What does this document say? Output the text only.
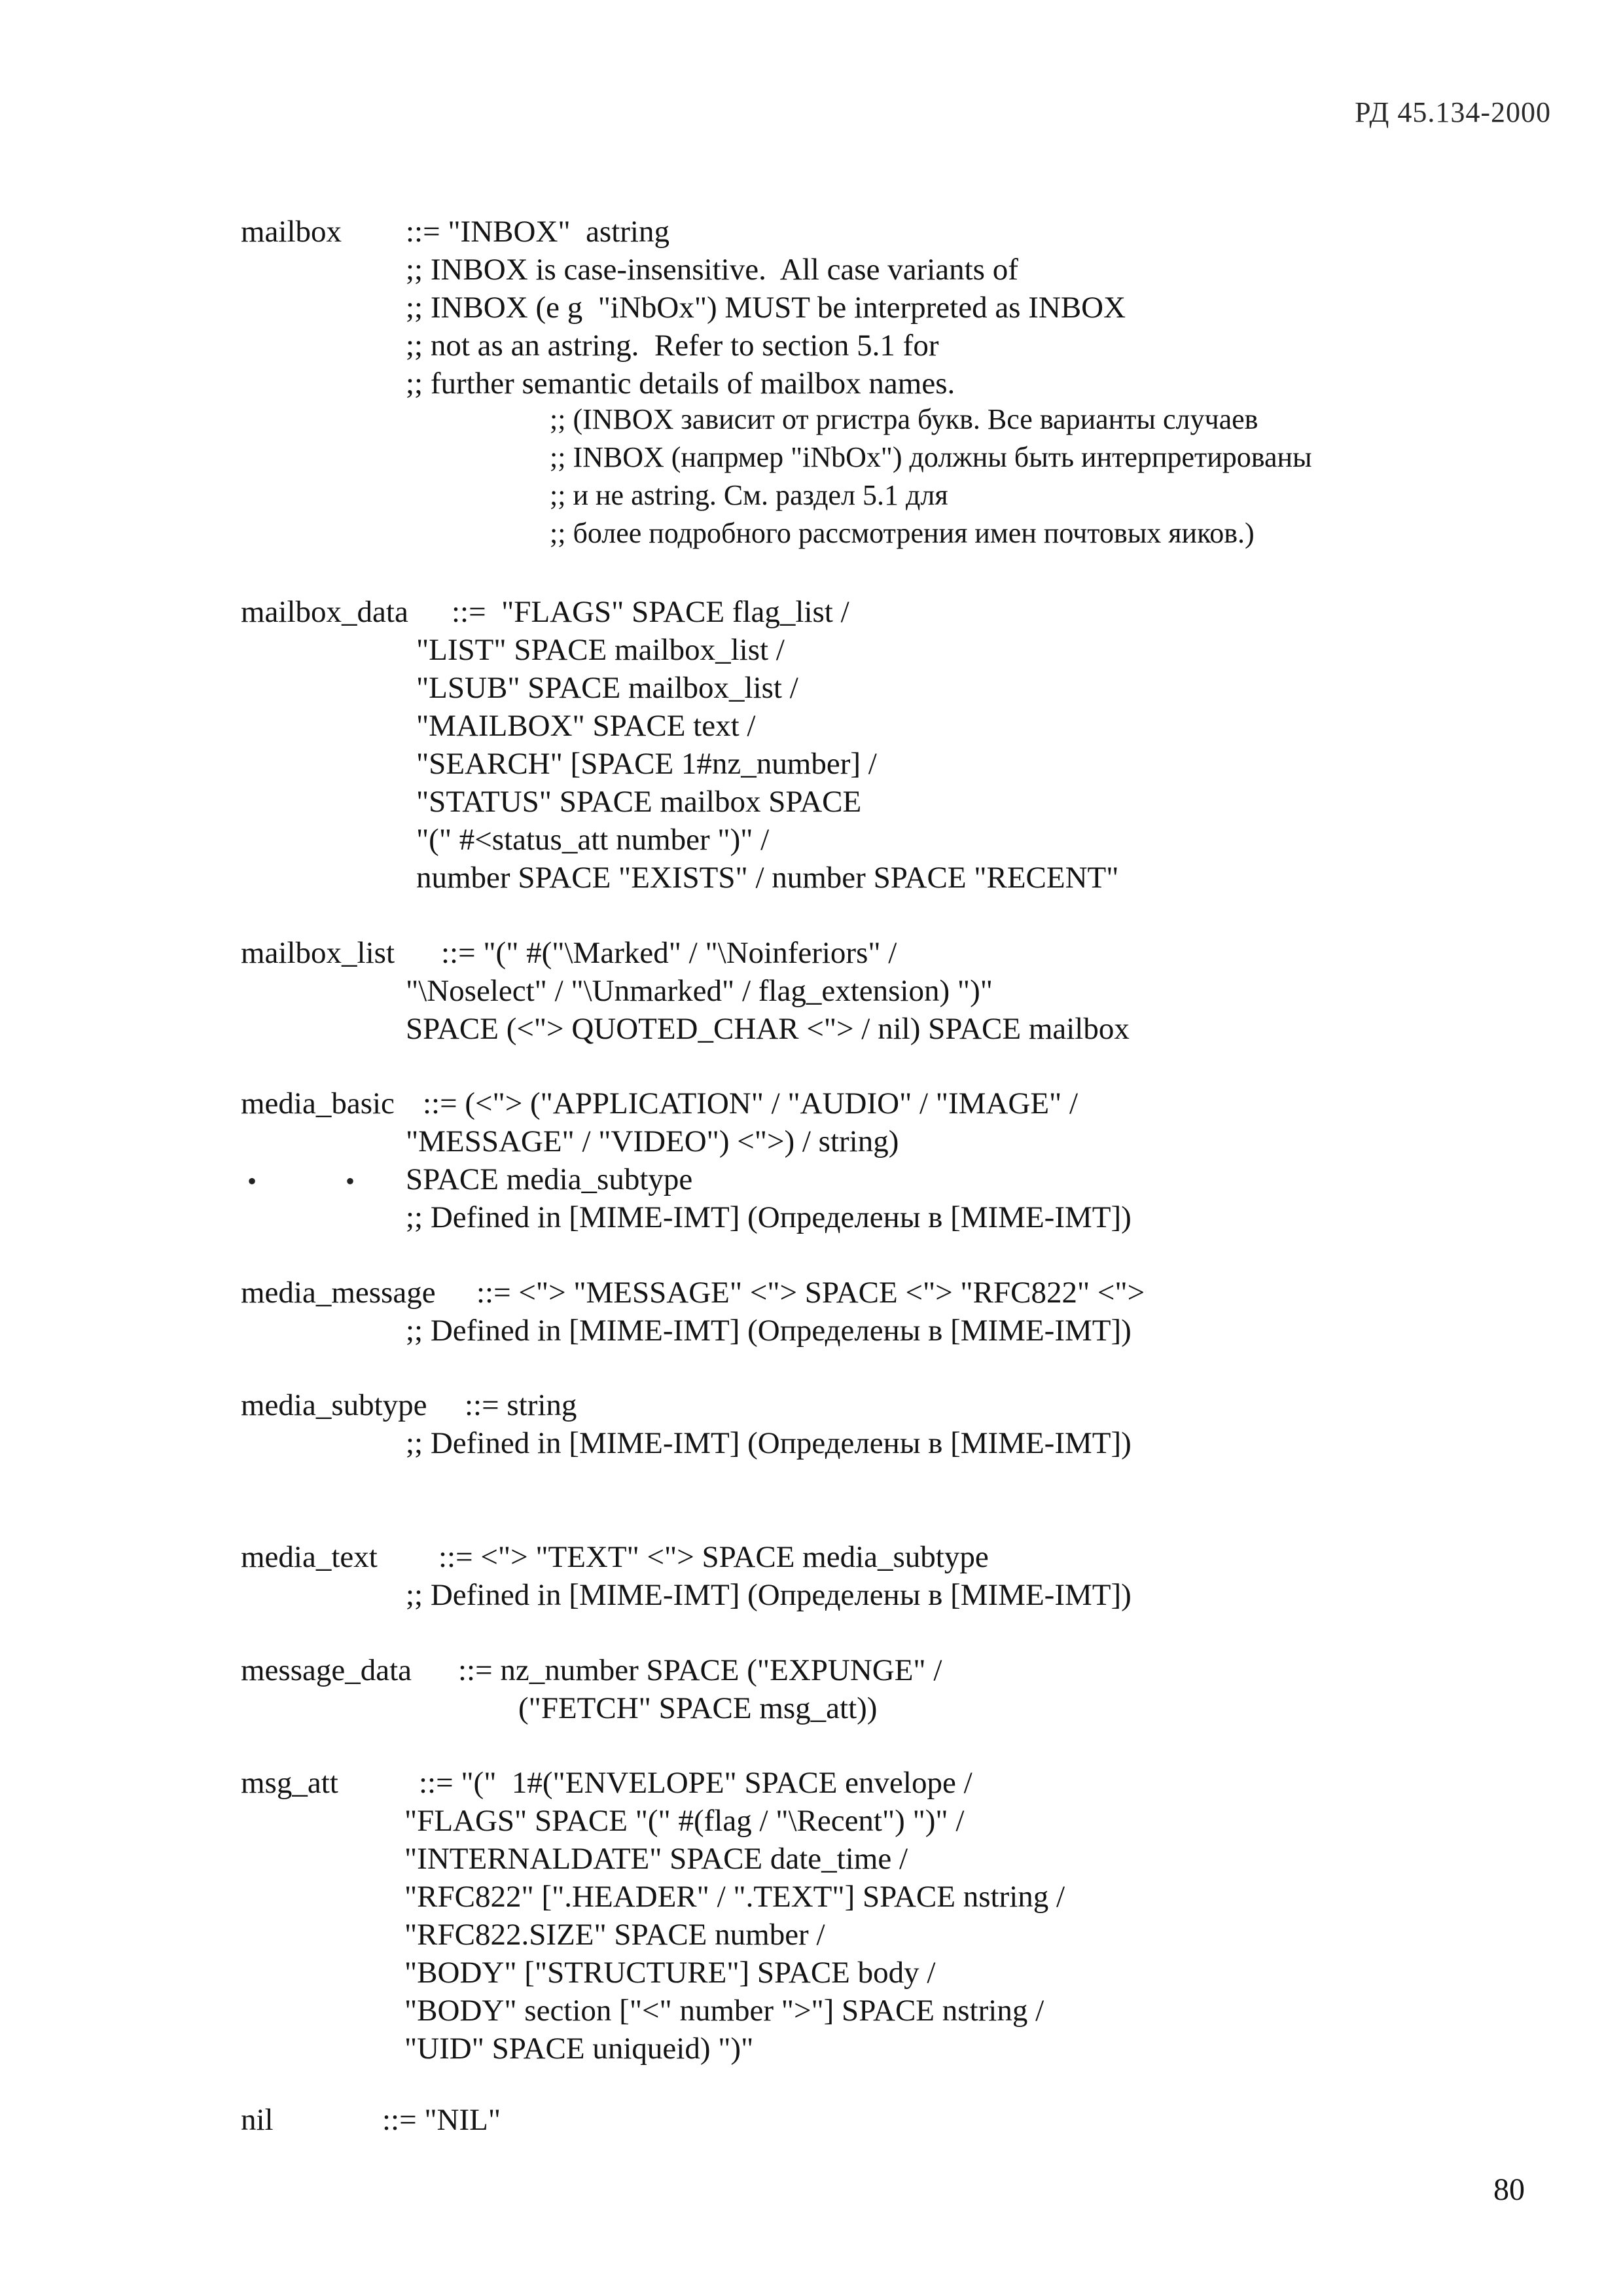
РД 45.134-2000
mailbox ::= "INBOX"  astring
;; INBOX is case-insensitive.  All case variants of
;; INBOX (e g  "iNbOx") MUST be interpreted as INBOX
;; not as an astring.  Refer to section 5.1 for
;; further semantic details of mailbox names.
;; (INBOX зависит от ргистра букв. Все варианты случаев
;; INBOX (напрмер "iNbOx") должны быть интерпретированы
;; и не astring. См. раздел 5.1 для
;; более подробного рассмотрения имен почтовых яиков.)
mailbox_data ::=  "FLAGS" SPACE flag_list /
"LIST" SPACE mailbox_list /
"LSUB" SPACE mailbox_list /
"MAILBOX" SPACE text /
"SEARCH" [SPACE 1#nz_number] /
"STATUS" SPACE mailbox SPACE
"(" #<status_att number ")" /
number SPACE "EXISTS" / number SPACE "RECENT"
mailbox_list ::= "(" #("\Marked" / "\Noinferiors" /
"\Noselect" / "\Unmarked" / flag_extension) ")"
SPACE (<"> QUOTED_CHAR <"> / nil) SPACE mailbox
media_basic ::= (<"> ("APPLICATION" / "AUDIO" / "IMAGE" /
"MESSAGE" / "VIDEO") <">) / string)
SPACE media_subtype
;; Defined in [MIME-IMT] (Определены в [MIME-IMT])
•	•
media_message ::= <"> "MESSAGE" <"> SPACE <"> "RFC822" <">
;; Defined in [MIME-IMT] (Определены в [MIME-IMT])
media_subtype ::= string
;; Defined in [MIME-IMT] (Определены в [MIME-IMT])
media_text ::= <"> "TEXT" <"> SPACE media_subtype
;; Defined in [MIME-IMT] (Определены в [MIME-IMT])
message_data ::= nz_number SPACE ("EXPUNGE" /
("FETCH" SPACE msg_att))
msg_att	::= "("  1#("ENVELOPE" SPACE envelope /
"FLAGS" SPACE "(" #(flag / "\Recent") ")" /
"INTERNALDATE" SPACE date_time /
"RFC822" [".HEADER" / ".TEXT"] SPACE nstring /
"RFC822.SIZE" SPACE number /
"BODY" ["STRUCTURE"] SPACE body /
"BODY" section ["<" number ">"] SPACE nstring /
"UID" SPACE uniqueid) ")"
nil	::= "NIL"
80
